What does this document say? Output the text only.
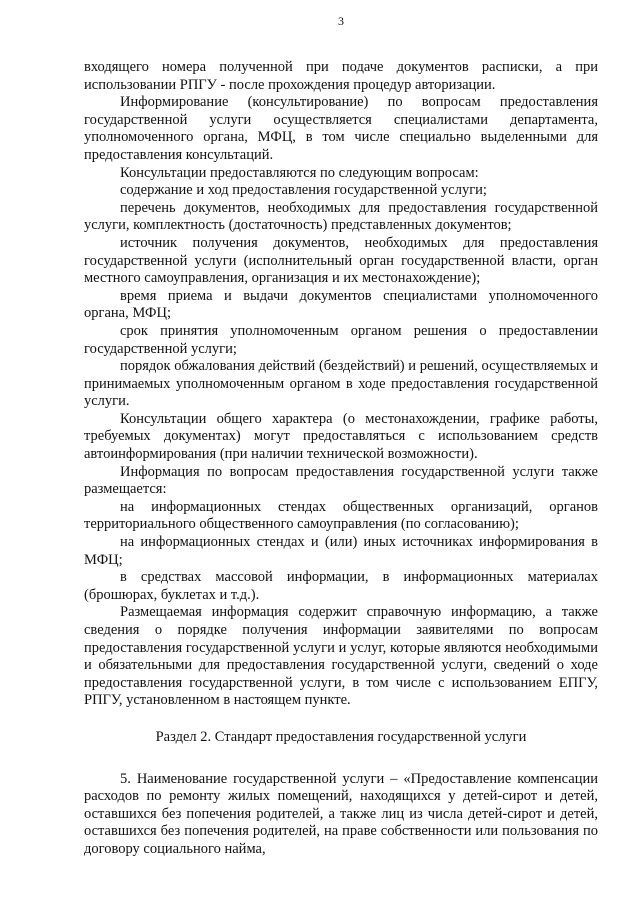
3

входящего номера полученной при подаче документов расписки, а при использовании РПГУ - после прохождения процедур авторизации.

Информирование (консультирование) по вопросам предоставления государственной услуги осуществляется специалистами департамента, уполномоченного органа, МФЦ, в том числе специально выделенными для предоставления консультаций.

Консультации предоставляются по следующим вопросам:

содержание и ход предоставления государственной услуги;

перечень документов, необходимых для предоставления государственной услуги, комплектность (достаточность) представленных документов;

источник получения документов, необходимых для предоставления государственной услуги (исполнительный орган государственной власти, орган местного самоуправления, организация и их местонахождение);

время приема и выдачи документов специалистами уполномоченного органа, МФЦ;

срок принятия уполномоченным органом решения о предоставлении государственной услуги;

порядок обжалования действий (бездействий) и решений, осуществляемых и принимаемых уполномоченным органом в ходе предоставления государственной услуги.

Консультации общего характера (о местонахождении, графике работы, требуемых документах) могут предоставляться с использованием средств автоинформирования (при наличии технической возможности).

Информация по вопросам предоставления государственной услуги также размещается:

на информационных стендах общественных организаций, органов территориального общественного самоуправления (по согласованию);

на информационных стендах и (или) иных источниках информирования в МФЦ;

в средствах массовой информации, в информационных материалах (брошюрах, буклетах и т.д.).

Размещаемая информация содержит справочную информацию, а также сведения о порядке получения информации заявителями по вопросам предоставления государственной услуги и услуг, которые являются необходимыми и обязательными для предоставления государственной услуги, сведений о ходе предоставления государственной услуги, в том числе с использованием ЕПГУ, РПГУ, установленном в настоящем пункте.

Раздел 2. Стандарт предоставления государственной услуги

5. Наименование государственной услуги – «Предоставление компенсации расходов по ремонту жилых помещений, находящихся у детей-сирот и детей, оставшихся без попечения родителей, а также лиц из числа детей-сирот и детей, оставшихся без попечения родителей, на праве собственности или пользования по договору социального найма,
